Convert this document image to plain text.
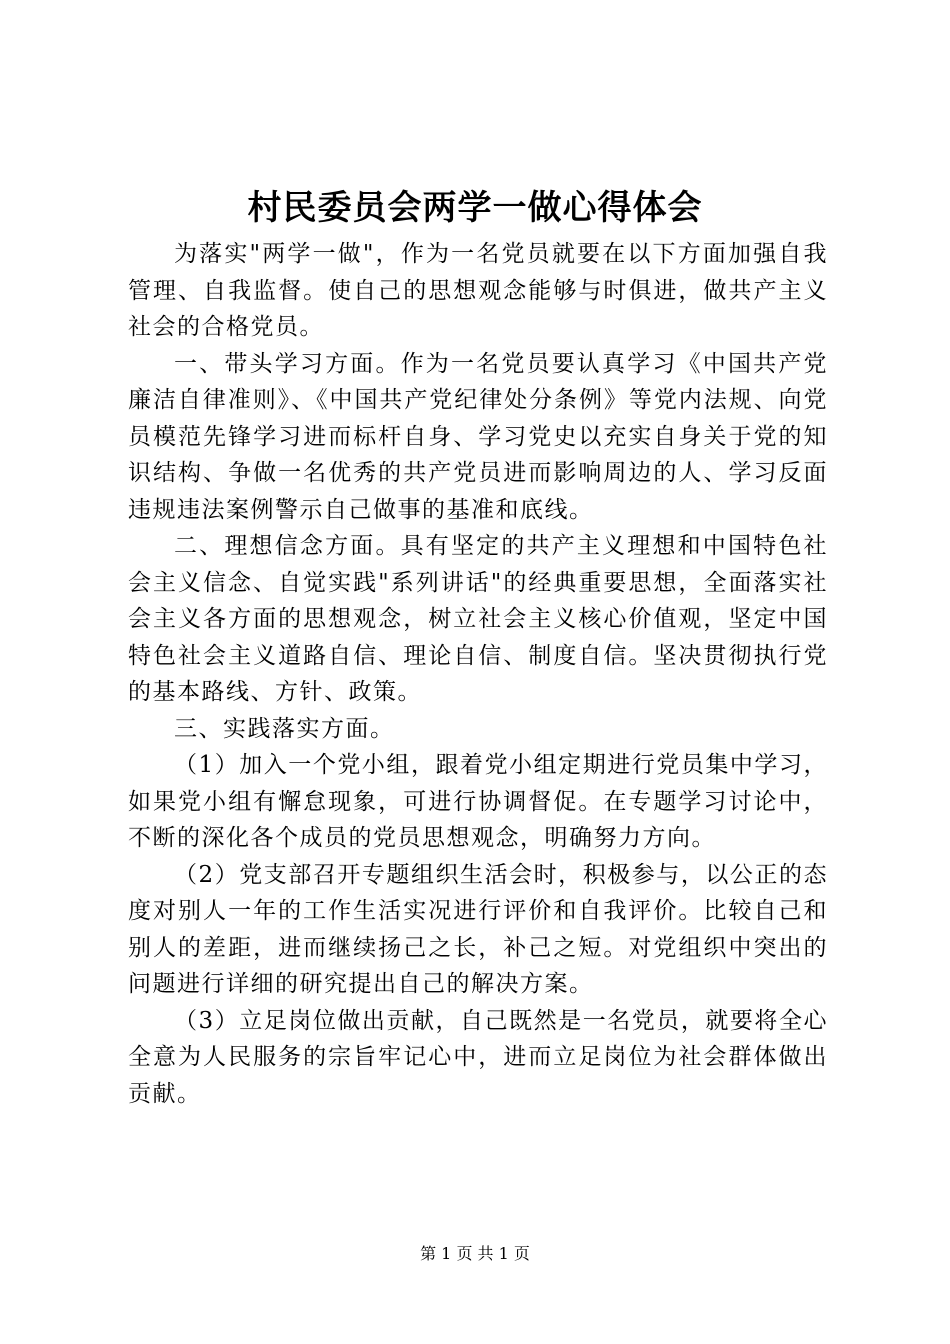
村民委员会两学一做心得体会

为落实"两学一做"，作为一名党员就要在以下方面加强自我管理、自我监督。使自己的思想观念能够与时俱进，做共产主义社会的合格党员。

一、带头学习方面。作为一名党员要认真学习《中国共产党廉洁自律准则》、《中国共产党纪律处分条例》等党内法规、向党员模范先锋学习进而标杆自身、学习党史以充实自身关于党的知识结构、争做一名优秀的共产党员进而影响周边的人、学习反面违规违法案例警示自己做事的基准和底线。

二、理想信念方面。具有坚定的共产主义理想和中国特色社会主义信念、自觉实践"系列讲话"的经典重要思想，全面落实社会主义各方面的思想观念，树立社会主义核心价值观，坚定中国特色社会主义道路自信、理论自信、制度自信。坚决贯彻执行党的基本路线、方针、政策。

三、实践落实方面。

（1）加入一个党小组，跟着党小组定期进行党员集中学习，如果党小组有懈怠现象，可进行协调督促。在专题学习讨论中，不断的深化各个成员的党员思想观念，明确努力方向。

（2）党支部召开专题组织生活会时，积极参与，以公正的态度对别人一年的工作生活实况进行评价和自我评价。比较自己和别人的差距，进而继续扬己之长，补己之短。对党组织中突出的问题进行详细的研究提出自己的解决方案。

（3）立足岗位做出贡献，自己既然是一名党员，就要将全心全意为人民服务的宗旨牢记心中，进而立足岗位为社会群体做出贡献。

第 1 页 共 1 页
